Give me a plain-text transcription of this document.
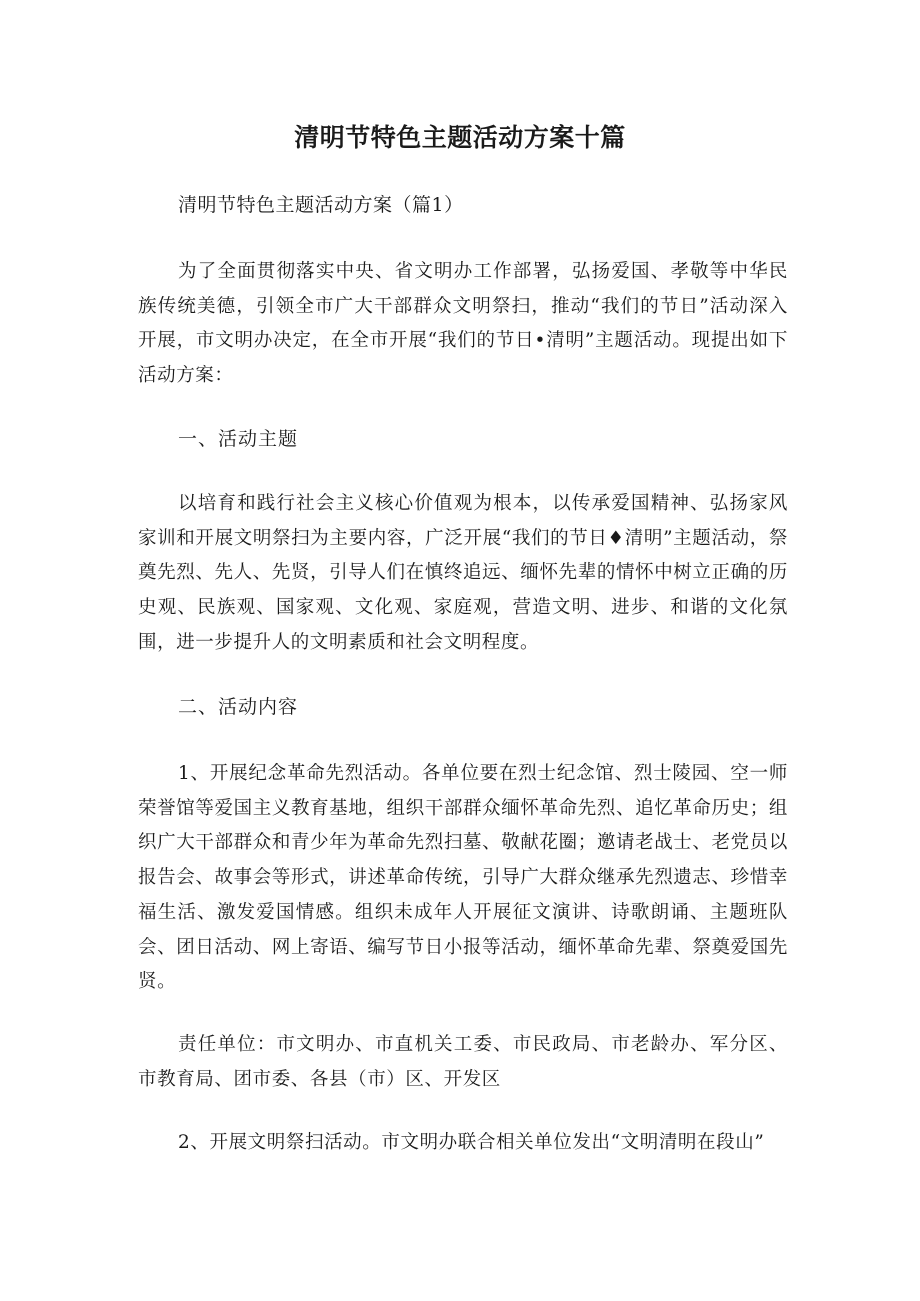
清明节特色主题活动方案十篇
清明节特色主题活动方案（篇1）

为了全面贯彻落实中央、省文明办工作部署，弘扬爱国、孝敬等中华民族传统美德，引领全市广大干部群众文明祭扫，推动“我们的节日”活动深入开展，市文明办决定，在全市开展“我们的节日•清明”主题活动。现提出如下活动方案：

一、活动主题

以培育和践行社会主义核心价值观为根本，以传承爱国精神、弘扬家风家训和开展文明祭扫为主要内容，广泛开展“我们的节日♦清明”主题活动，祭奠先烈、先人、先贤，引导人们在慎终追远、缅怀先辈的情怀中树立正确的历史观、民族观、国家观、文化观、家庭观，营造文明、进步、和谐的文化氛围，进一步提升人的文明素质和社会文明程度。

二、活动内容

1、开展纪念革命先烈活动。各单位要在烈士纪念馆、烈士陵园、空一师荣誉馆等爱国主义教育基地，组织干部群众缅怀革命先烈、追忆革命历史；组织广大干部群众和青少年为革命先烈扫墓、敬献花圈；邀请老战士、老党员以报告会、故事会等形式，讲述革命传统，引导广大群众继承先烈遗志、珍惜幸福生活、激发爱国情感。组织未成年人开展征文演讲、诗歌朗诵、主题班队会、团日活动、网上寄语、编写节日小报等活动，缅怀革命先辈、祭奠爱国先贤。

责任单位：市文明办、市直机关工委、市民政局、市老龄办、军分区、市教育局、团市委、各县（市）区、开发区

2、开展文明祭扫活动。市文明办联合相关单位发出“文明清明在段山”
